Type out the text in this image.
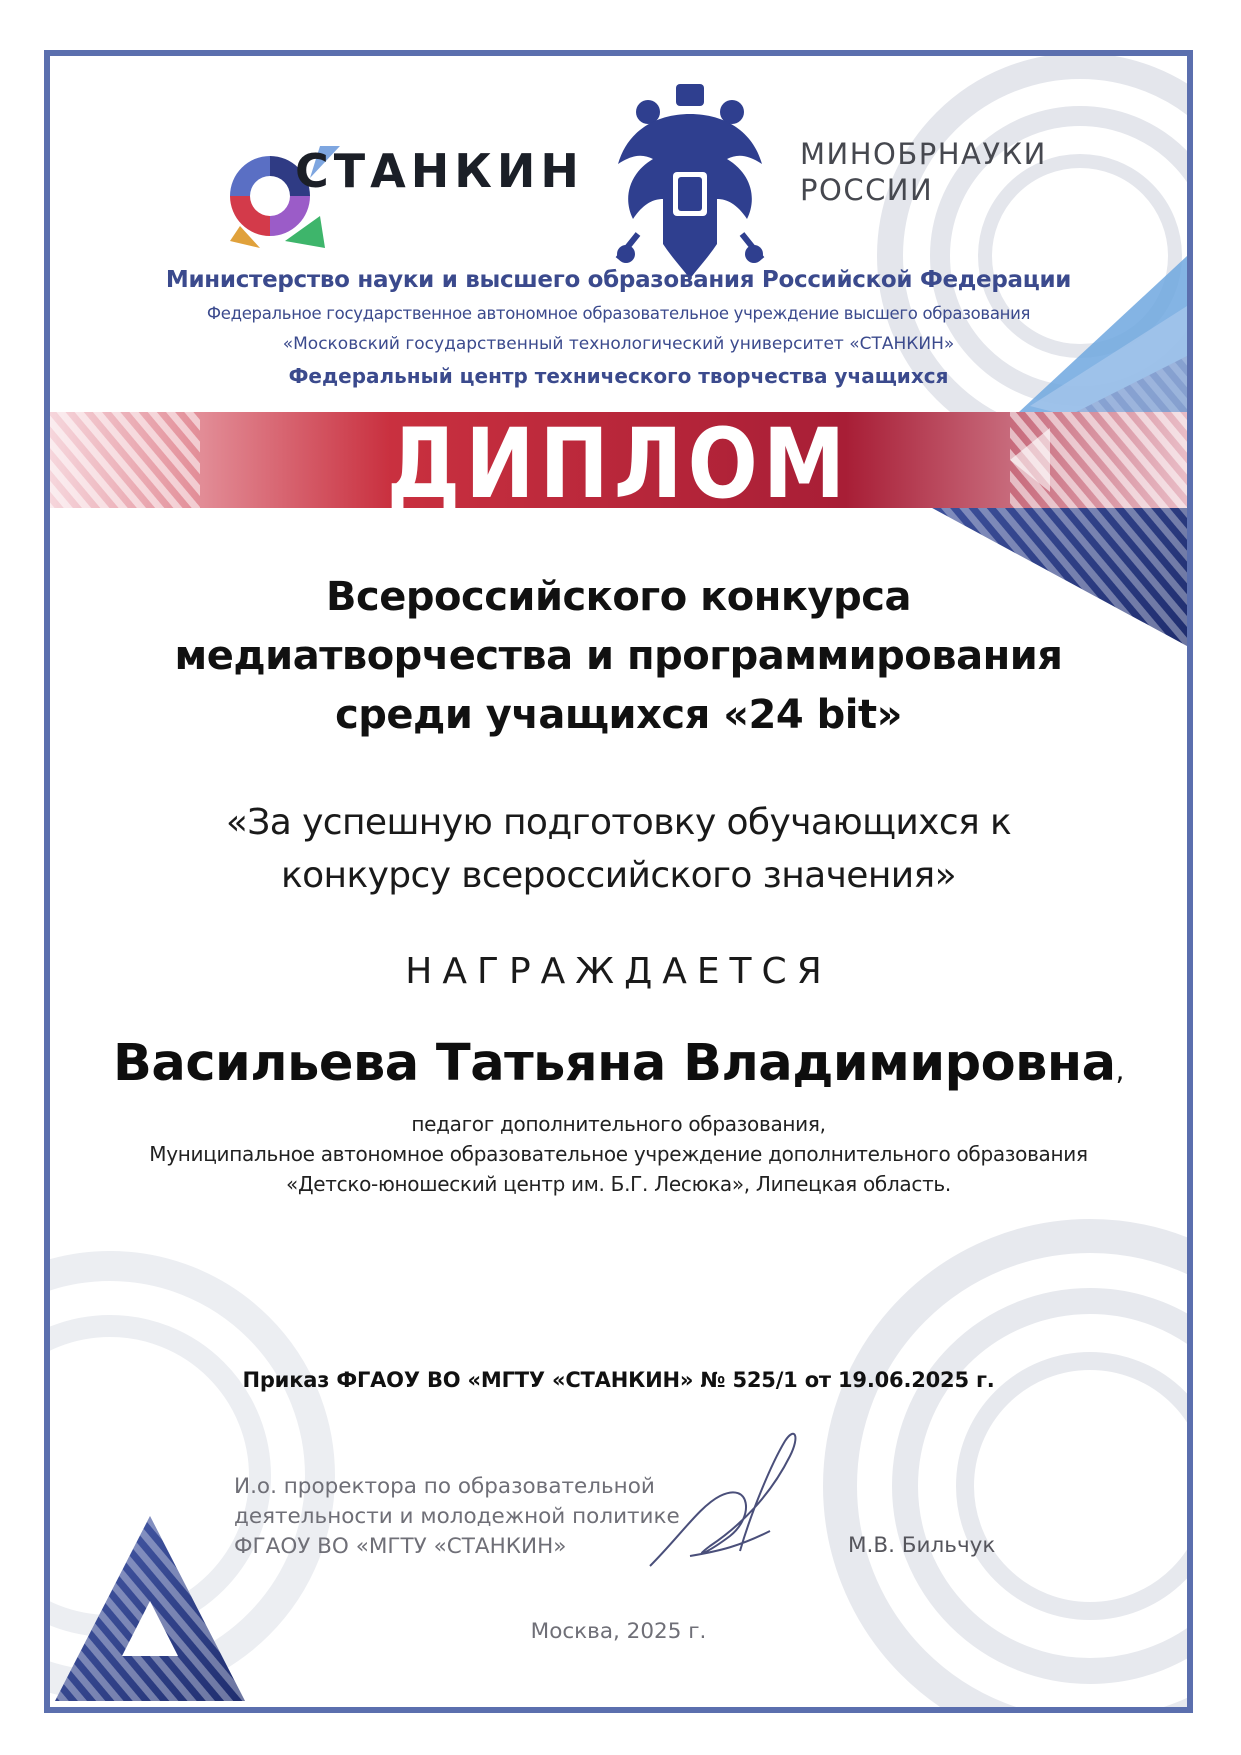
СТАНКИН	МИНОБРНАУКИ
РОССИИ
Министерство науки и высшего образования Российской Федерации
Федеральное государственное автономное образовательное учреждение высшего образования
«Московский государственный технологический университет «СТАНКИН»
Федеральный центр технического творчества учащихся
ДИПЛОМ
Всероссийского конкурса
медиатворчества и программирования
среди учащихся «24 bit»
«За успешную подготовку обучающихся к
конкурсу всероссийского значения»
НАГРАЖДАЕТСЯ
Васильева Татьяна Владимировна,
педагог дополнительного образования,
Муниципальное автономное образовательное учреждение дополнительного образования
«Детско-юношеский центр им. Б.Г. Лесюка», Липецкая область.
Приказ ФГАОУ ВО «МГТУ «СТАНКИН» № 525/1 от 19.06.2025 г.
И.о. проректора по образовательной
деятельности и молодежной политике
ФГАОУ ВО «МГТУ «СТАНКИН»	М.В. Бильчук
Москва, 2025 г.
